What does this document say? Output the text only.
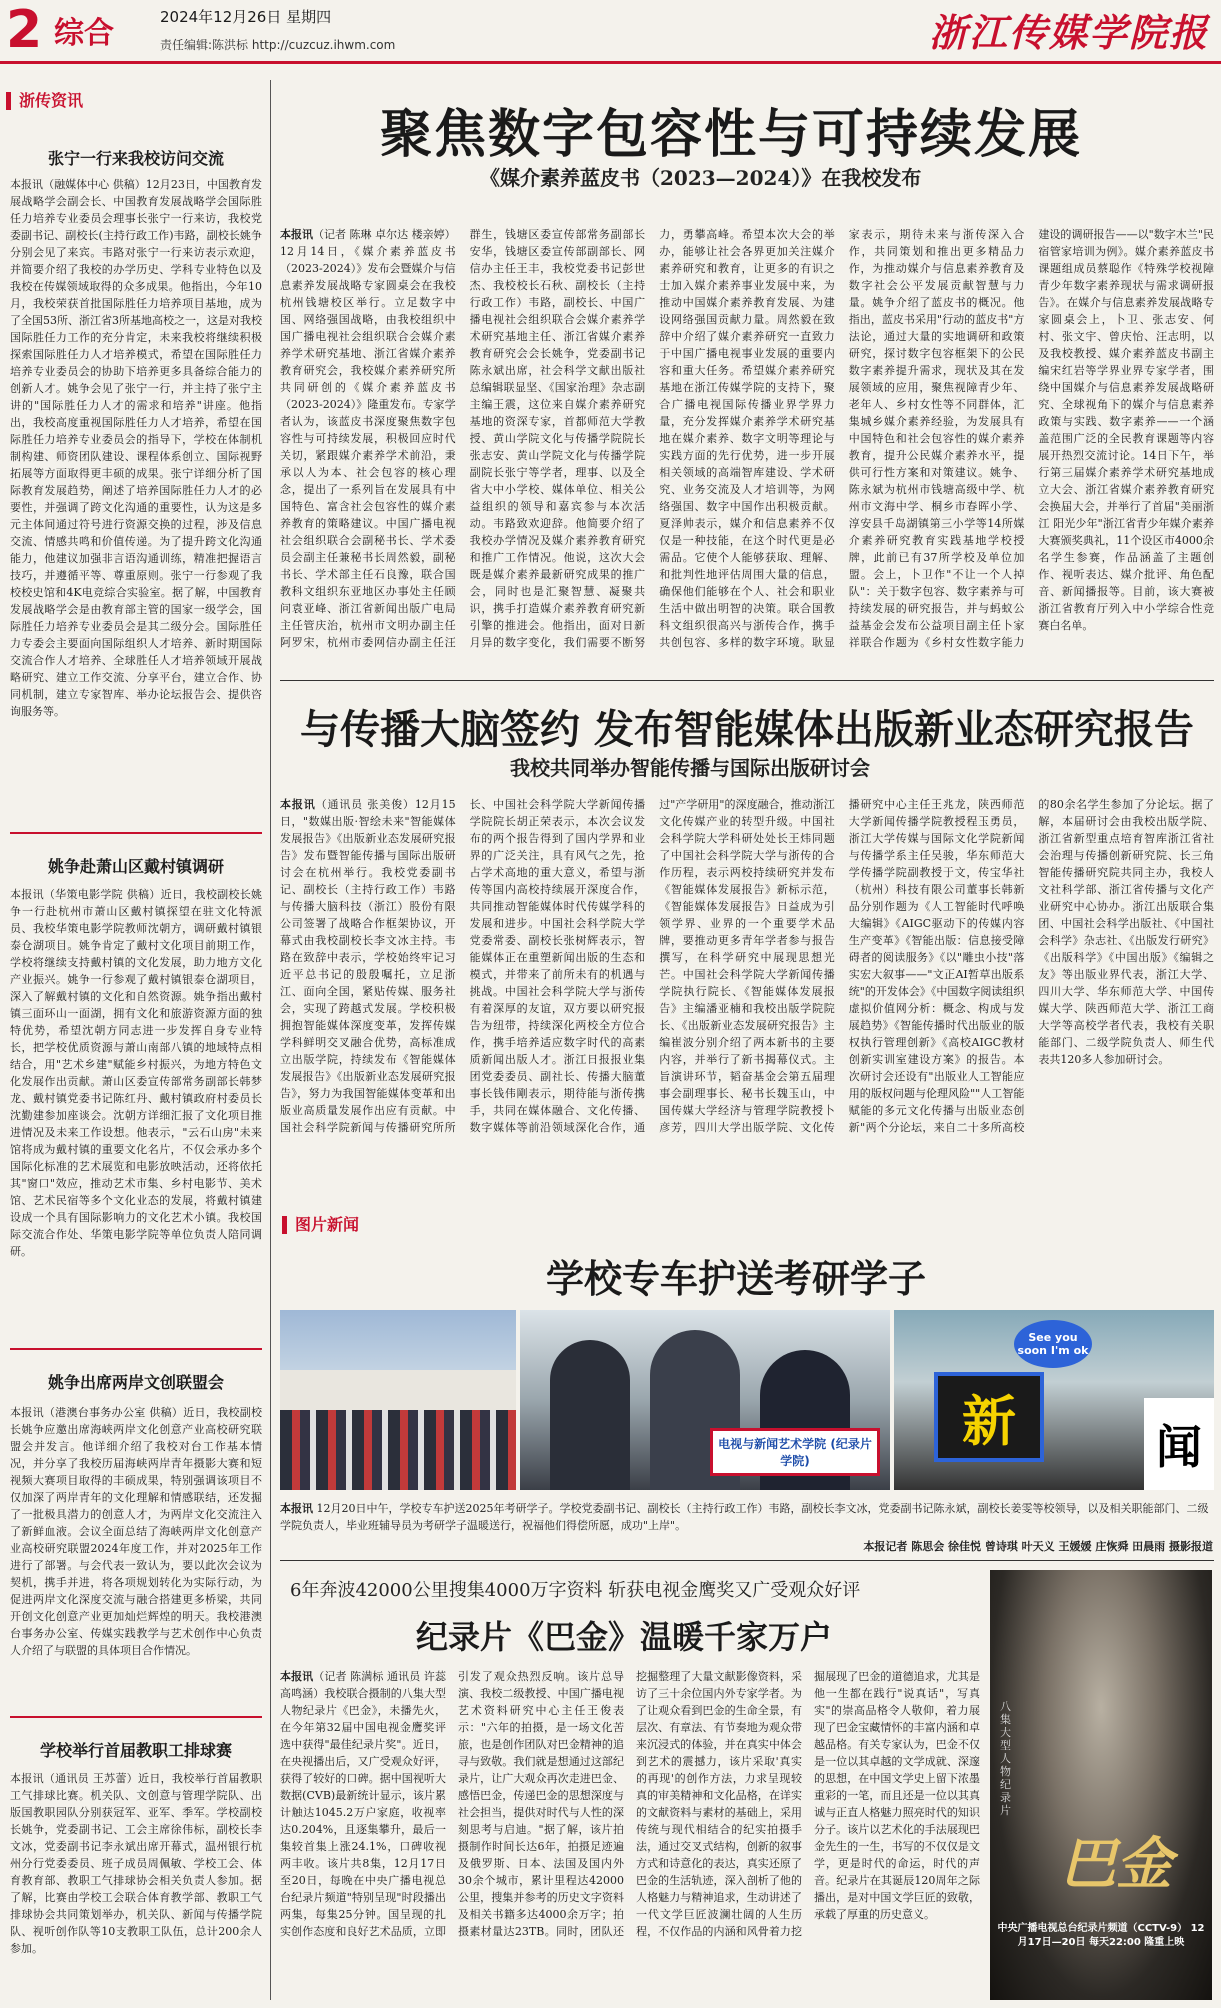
2 综合	2024年12月26日 星期四
责任编辑:陈洪标 http://cuzcuz.ihwm.com	浙江传媒学院报
浙传资讯
张宁一行来我校访问交流
本报讯（融媒体中心 供稿）12月23日，中国教育发展战略学会副会长、中国教育发展战略学会国际胜任力培养专业委员会理事长张宁一行来访，我校党委副书记、副校长(主持行政工作)韦路，副校长姚争分别会见了来宾。韦路对张宁一行来访表示欢迎，并简要介绍了我校的办学历史、学科专业特色以及我校在传媒领域取得的众多成果。他指出，今年10月，我校荣获首批国际胜任力培养项目基地，成为了全国53所、浙江省3所基地高校之一，这是对我校国际胜任力工作的充分肯定，未来我校将继续积极探索国际胜任力人才培养模式，希望在国际胜任力培养专业委员会的协助下培养更多具备综合能力的创新人才。姚争会见了张宁一行，并主持了张宁主讲的"国际胜任力人才的需求和培养"讲座。他指出，我校高度重视国际胜任力人才培养，希望在国际胜任力培养专业委员会的指导下，学校在体制机制构建、师资团队建设、课程体系创立、国际视野拓展等方面取得更丰硕的成果。张宁详细分析了国际教育发展趋势，阐述了培养国际胜任力人才的必要性，并强调了跨文化沟通的重要性，认为这是多元主体间通过符号进行资源交换的过程，涉及信息交流、情感共鸣和价值传递。为了提升跨文化沟通能力，他建议加强非言语沟通训练，精准把握语言技巧，并遵循平等、尊重原则。张宁一行参观了我校校史馆和4K电竞综合实验室。据了解，中国教育发展战略学会是由教育部主管的国家一级学会，国际胜任力培养专业委员会是其二级分会。国际胜任力专委会主要面向国际组织人才培养、新时期国际交流合作人才培养、全球胜任人才培养领域开展战略研究、建立工作交流、分享平台，建立合作、协同机制，建立专家智库、举办论坛报告会、提供咨询服务等。
姚争赴萧山区戴村镇调研
本报讯（华策电影学院 供稿）近日，我校副校长姚争一行赴杭州市萧山区戴村镇探望在驻文化特派员、我校华策电影学院教师沈朝方，调研戴村镇银泰仓湖项目。姚争肯定了戴村文化项目前期工作，学校将继续支持戴村镇的文化发展，助力地方文化产业振兴。姚争一行参观了戴村镇银泰仓湖项目，深入了解戴村镇的文化和自然资源。姚争指出戴村镇三面环山一面湖，拥有文化和旅游资源方面的独特优势，希望沈朝方同志进一步发挥自身专业特长，把学校优质资源与萧山南部八镇的地域特点相结合，用"艺术乡建"赋能乡村振兴，为地方特色文化发展作出贡献。萧山区委宣传部常务副部长韩梦龙、戴村镇党委书记陈红丹、戴村镇政府村委员长沈勤建参加座谈会。沈朝方详细汇报了文化项目推进情况及未来工作设想。他表示，"云石山房"未来馆将成为戴村镇的重要文化名片，不仅会承办多个国际化标准的艺术展览和电影放映活动，还将依托其"窗口"效应，推动艺术市集、乡村电影节、美术馆、艺术民宿等多个文化业态的发展，将戴村镇建设成一个具有国际影响力的文化艺术小镇。我校国际交流合作处、华策电影学院等单位负责人陪同调研。
姚争出席两岸文创联盟会
本报讯（港澳台事务办公室 供稿）近日，我校副校长姚争应邀出席海峡两岸文化创意产业高校研究联盟会并发言。他详细介绍了我校对台工作基本情况，并分享了我校历届海峡两岸青年摄影大赛和短视频大赛项目取得的丰硕成果，特别强调该项目不仅加深了两岸青年的文化理解和情感联结，还发掘了一批极具潜力的创意人才，为两岸文化交流注入了新鲜血液。会议全面总结了海峡两岸文化创意产业高校研究联盟2024年度工作，并对2025年工作进行了部署。与会代表一致认为，要以此次会议为契机，携手并进，将各项规划转化为实际行动，为促进两岸文化深度交流与融合搭建更多桥梁，共同开创文化创意产业更加灿烂辉煌的明天。我校港澳台事务办公室、传媒实践教学与艺术创作中心负责人介绍了与联盟的具体项目合作情况。
学校举行首届教职工排球赛
本报讯（通讯员 王苏蕾）近日，我校举行首届教职工气排球比赛。机关队、文创意与管理学院队、出版国教职园队分别获冠军、亚军、季军。学校副校长姚争，党委副书记、工会主席徐伟标，副校长李文冰，党委副书记李永斌出席开幕式，温州银行杭州分行党委委员、班子成员周佩敏、学校工会、体育教育部、教职工气排球协会相关负责人参加。据了解，比赛由学校工会联合体育教学部、教职工气排球协会共同策划举办，机关队、新闻与传播学院队、视听创作队等10支教职工队伍，总计200余人参加。
聚焦数字包容性与可持续发展
《媒介素养蓝皮书（2023—2024）》在我校发布
本报讯（记者 陈琳 卓尔达 楼亲婷）12月14日，《媒介素养蓝皮书（2023-2024）》发布会暨媒介与信息素养发展战略专家圆桌会在我校杭州钱塘校区举行。立足数字中国、网络强国战略，由我校组织中国广播电视社会组织联合会媒介素养学术研究基地、浙江省媒介素养教育研究会，我校媒介素养研究所共同研创的《媒介素养蓝皮书（2023-2024）》隆重发布。专家学者认为，该蓝皮书深度聚焦数字包容性与可持续发展，积极回应时代关切，紧跟媒介素养学术前沿，秉承以人为本、社会包容的核心理念，提出了一系列旨在发展具有中国特色、富含社会包容性的媒介素养教育的策略建议。中国广播电视社会组织联合会副秘书长、学术委员会副主任兼秘书长周然毅，副秘书长、学术部主任石良豫，联合国教科文组织东亚地区办事处主任顾问袁亚峰、浙江省新闻出版广电局主任管庆治，杭州市文明办副主任阿罗宋，杭州市委网信办副主任汪群生，钱塘区委宣传部常务副部长安华，钱塘区委宣传部副部长、网信办主任王丰，我校党委书记彭世杰、我校校长石秋、副校长（主持行政工作）韦路，副校长、中国广播电视社会组织联合会媒介素养学术研究基地主任、浙江省媒介素养教育研究会会长姚争，党委副书记陈永斌出席，社会科学文献出版社总编辑联显坚、《国家治理》杂志副主编王震，这位来自媒介素养研究基地的资深专家，首都师范大学教授、黄山学院文化与传播学院院长张志安、黄山学院文化与传播学院副院长张宁等学者，理事、以及全省大中小学校、媒体单位、相关公益组织的领导和嘉宾参与本次活动。韦路致欢迎辞。他简要介绍了我校办学情况及媒介素养教育研究和推广工作情况。他说，这次大会既是媒介素养最新研究成果的推广会，同时也是汇聚智慧、凝聚共识，携手打造媒介素养教育研究新引擎的推进会。他指出，面对日新月异的数字变化，我们需要不断努力，勇攀高峰。希望本次大会的举办，能够让社会各界更加关注媒介素养研究和教育，让更多的有识之士加入媒介素养事业发展中来，为推动中国媒介素养教育发展、为建设网络强国贡献力量。周然毅在致辞中介绍了媒介素养研究一直致力于中国广播电视事业发展的重要内容和重大任务。希望媒介素养研究基地在浙江传媒学院的支持下，聚合广播电视国际传播业界学界力量，充分发挥媒介素养学术研究基地在媒介素养、数字文明等理论与实践方面的先行优势，进一步开展相关领域的高端智库建设、学术研究、业务交流及人才培训等，为网络强国、数字中国作出积极贡献。夏泽帅表示，媒介和信息素养不仅仅是一种技能，在这个时代更是必需品。它使个人能够获取、理解、和批判性地评估周围大量的信息，确保他们能够在个人、社会和职业生活中做出明智的决策。联合国教科文组织很高兴与浙传合作，携手共创包容、多样的数字环境。耿显家表示，期待未来与浙传深入合作，共同策划和推出更多精品力作，为推动媒介与信息素养教育及数字社会公平发展贡献智慧与力量。姚争介绍了蓝皮书的概况。他指出，蓝皮书采用"行动的蓝皮书"方法论，通过大量的实地调研和政策研究，探讨数字包容框架下的公民数字素养提升需求，现状及其在发展领域的应用，聚焦视障青少年、老年人、乡村女性等不同群体，汇集城乡媒介素养经验，为发展具有中国特色和社会包容性的媒介素养教育，提升公民媒介素养水平，提供可行性方案和对策建议。姚争、陈永斌为杭州市钱塘高级中学、杭州市文海中学、桐乡市春晖小学、淳安县千岛湖镇第三小学等14所媒介素养研究教育实践基地学校授牌，此前已有37所学校及单位加盟。会上，卜卫作"不让一个人掉队"：关于数字包容、数字素养与可持续发展的研究报告，并与蚂蚁公益基金会发布公益项目副主任卜家祥联合作题为《乡村女性数字能力建设的调研报告——以"数字木兰"民宿管家培训为例》。媒介素养蓝皮书课题组成员蔡聪作《特殊学校视障青少年数字素养现状与需求调研报告》。在媒介与信息素养发展战略专家圆桌会上，卜卫、张志安、何村、张文宇、曾庆怡、汪志明，以及我校教授、媒介素养蓝皮书副主编宋红岩等学界业界专家学者，围绕中国媒介与信息素养发展战略研究、全球视角下的媒介与信息素养政策与实践、数字素养——一个涵盖范围广泛的全民教育课题等内容展开热烈交流讨论。14日下午，举行第三届媒介素养学术研究基地成立大会、浙江省媒介素养教育研究会换届大会，并举行了首届"美丽浙江 阳光少年"浙江省青少年媒介素养大赛颁奖典礼，11个设区市4000余名学生参赛，作品涵盖了主题创作、视听表达、媒介批评、角色配音、新闻播报等。目前，该大赛被浙江省教育厅列入中小学综合性竞赛白名单。
与传播大脑签约 发布智能媒体出版新业态研究报告
我校共同举办智能传播与国际出版研讨会
本报讯（通讯员 张美俊）12月15日，"数媒出版·智绘未来"智能媒体发展报告》《出版新业态发展研究报告》发布暨智能传播与国际出版研讨会在杭州举行。我校党委副书记、副校长（主持行政工作）韦路与传播大脑科技（浙江）股份有限公司签署了战略合作框架协议，开幕式由我校副校长李文冰主持。韦路在致辞中表示，学校始终牢记习近平总书记的殷殷嘱托，立足浙江、面向全国，紧贴传媒、服务社会，实现了跨越式发展。学校积极拥抱智能媒体深度变革，发挥传媒学科鲜明交叉融合优势，高标准成立出版学院，持续发布《智能媒体发展报告》《出版新业态发展研究报告》，努力为我国智能媒体变革和出版业高质量发展作出应有贡献。中国社会科学院新闻与传播研究所所长、中国社会科学院大学新闻传播学院院长胡正荣表示，本次会议发布的两个报告得到了国内学界和业界的广泛关注，具有风气之先，抢占学术高地的重大意义，希望与浙传等国内高校持续展开深度合作，共同推动智能媒体时代传媒学科的发展和进步。中国社会科学院大学党委常委、副校长张树辉表示，智能媒体正在重塑新闻出版的生态和模式，并带来了前所未有的机遇与挑战。中国社会科学院大学与浙传有着深厚的友谊，双方要以研究报告为纽带，持续深化两校全方位合作，携手培养适应数字时代的高素质新闻出版人才。浙江日报报业集团党委委员、副社长、传播大脑董事长钱伟剛表示，期待能与浙传携手，共同在媒体融合、文化传播、数字媒体等前沿领域深化合作，通过"产学研用"的深度融合，推动浙江文化传媒产业的转型升级。中国社会科学院大学科研处处长王炜同题了中国社会科学院大学与浙传的合作历程，表示两校持续研究并发布《智能媒体发展报告》新标示范，《智能媒体发展报告》日益成为引领学界、业界的一个重要学术品牌，要推动更多青年学者参与报告撰写，在科学研究中展现思想光芒。中国社会科学院大学新闻传播学院执行院长、《智能媒体发展报告》主编潘亚楠和我校出版学院院长、《出版新业态发展研究报告》主编崔波分别介绍了两本新书的主要内容，并举行了新书揭幕仪式。主旨演讲环节，韬奋基金会第五届理事会副理事长、秘书长魏玉山，中国传媒大学经济与管理学院教授卜彦芳，四川大学出版学院、文化传播研究中心主任王兆龙，陕西师范大学新闻传播学院教授程玉勇员，浙江大学传媒与国际文化学院新闻与传播学系主任吴骏，华东师范大学传播学院副教授于文，传宝华社（杭州）科技有限公司董事长韩新品分别作题为《人工智能时代呼唤大编辑》《AIGC驱动下的传媒内容生产变革》《智能出版：信息接受障碍者的阅读服务》《以"雕虫小技"落实宏大叙事——"文正AI暂草出版系统"的开发体会》《中国数字阅读组织虚拟价值网分析：概念、构成与发展趋势》《智能传播时代出版业的版权执行管理创新》《高校AIGC教材创新实训室建设方案》的报告。本次研讨会还设有"出版业人工智能应用的版权问题与伦理风险""人工智能赋能的多元文化传播与出版业态创新"两个分论坛，来自二十多所高校的80余名学生参加了分论坛。据了解，本届研讨会由我校出版学院、浙江省新型重点培育智库浙江省社会治理与传播创新研究院、长三角智能传播研究院共同主办，我校人文社科学部、浙江省传播与文化产业研究中心协办。浙江出版联合集团、中国社会科学出版社、《中国社会科学》杂志社、《出版发行研究》《出版科学》《中国出版》《编辑之友》等出版业界代表，浙江大学、四川大学、华东师范大学、中国传媒大学、陕西师范大学、浙江工商大学等高校学者代表，我校有关职能部门、二级学院负责人、师生代表共120多人参加研讨会。
图片新闻
学校专车护送考研学子
电视与新闻艺术学院 (纪录片学院)
See you soon I'm ok
新	闻
本报讯 12月20日中午，学校专车护送2025年考研学子。学校党委副书记、副校长（主持行政工作）韦路，副校长李文冰，党委副书记陈永斌，副校长姜雯等校领导，以及相关职能部门、二级学院负责人，毕业班辅导员为考研学子温暖送行，祝福他们得偿所愿，成功"上岸"。
本报记者 陈思会 徐佳悦 曾诗琪 叶天义 王媛媛 庄恢舜 田晨雨 摄影报道
6年奔波42000公里搜集4000万字资料 斩获电视金鹰奖又广受观众好评
纪录片《巴金》温暖千家万户
本报讯（记者 陈满标 通讯员 许蕊 高鸣涵）我校联合摄制的八集大型人物纪录片《巴金》，未播先火，在今年第32届中国电视金鹰奖评选中获得"最佳纪录片奖"。近日，在央视播出后，又广受观众好评，获得了较好的口碑。据中国视听大数据(CVB)最新统计显示，该片累计触达1045.2万户家庭，收视率达0.204%，且逐集攀升，最后一集较首集上涨24.1%，口碑收视两丰收。该片共8集，12月17日至20日，每晚在中央广播电视总台纪录片频道"特别呈现"时段播出两集，每集25分钟。国呈现的扎实创作态度和良好艺术品质，立即引发了观众热烈反响。该片总导演、我校二级教授、中国广播电视艺术资料研究中心主任王俊表示："六年的拍摄，是一场文化苦旅，也是创作团队对巴金精神的追寻与致敬。我们就是想通过这部纪录片，让广大观众再次走进巴金、感悟巴金，传递巴金的思想深度与社会担当，提供对时代与人性的深刻思考与启迪。"据了解，该片拍摄制作时间长达6年，拍摄足迹遍及俄罗斯、日本、法国及国内外30余个城市，累计里程达42000公里，搜集并参考的历史文字资料及相关书籍多达4000余万字；拍摄素材量达23TB。同时，团队还挖掘整理了大量文献影像资料，采访了三十余位国内外专家学者。为了让观众看到巴金的生命全景，有层次、有章法、有节奏地为观众带来沉浸式的体验，并在真实中体会到艺术的震撼力，该片采取'真实的再现'的创作方法，力求呈现较真的审美精神和文化品格，在详实的文献资料与素材的基础上，采用传统与现代相结合的纪实拍摄手法，通过交叉式结构，创新的叙事方式和诗意化的表达，真实还原了巴金的生活轨迹，深入剖析了他的人格魅力与精神追求，生动讲述了一代文学巨匠波澜壮阔的人生历程，不仅作品的内涵和风骨着力挖掘展现了巴金的道德追求，尤其是他一生都在践行"说真话"，写真实"的崇高品格令人敬仰，着力展现了巴金宝藏情怀的丰富内涵和卓越品格。有关专家认为，巴金不仅是一位以其卓越的文学成就、深邃的思想，在中国文学史上留下浓墨重彩的一笔，而且还是一位以其真诚与正直人格魅力照亮时代的知识分子。该片以艺术化的手法展现巴金先生的一生，书写的不仅仅是文学，更是时代的命运，时代的声音。纪录片在其诞辰120周年之际播出，是对中国文学巨匠的致敬，承载了厚重的历史意义。
八集大型人物纪录片
巴金
中央广播电视总台纪录片频道（CCTV-9） 12月17日—20日 每天22:00 隆重上映
